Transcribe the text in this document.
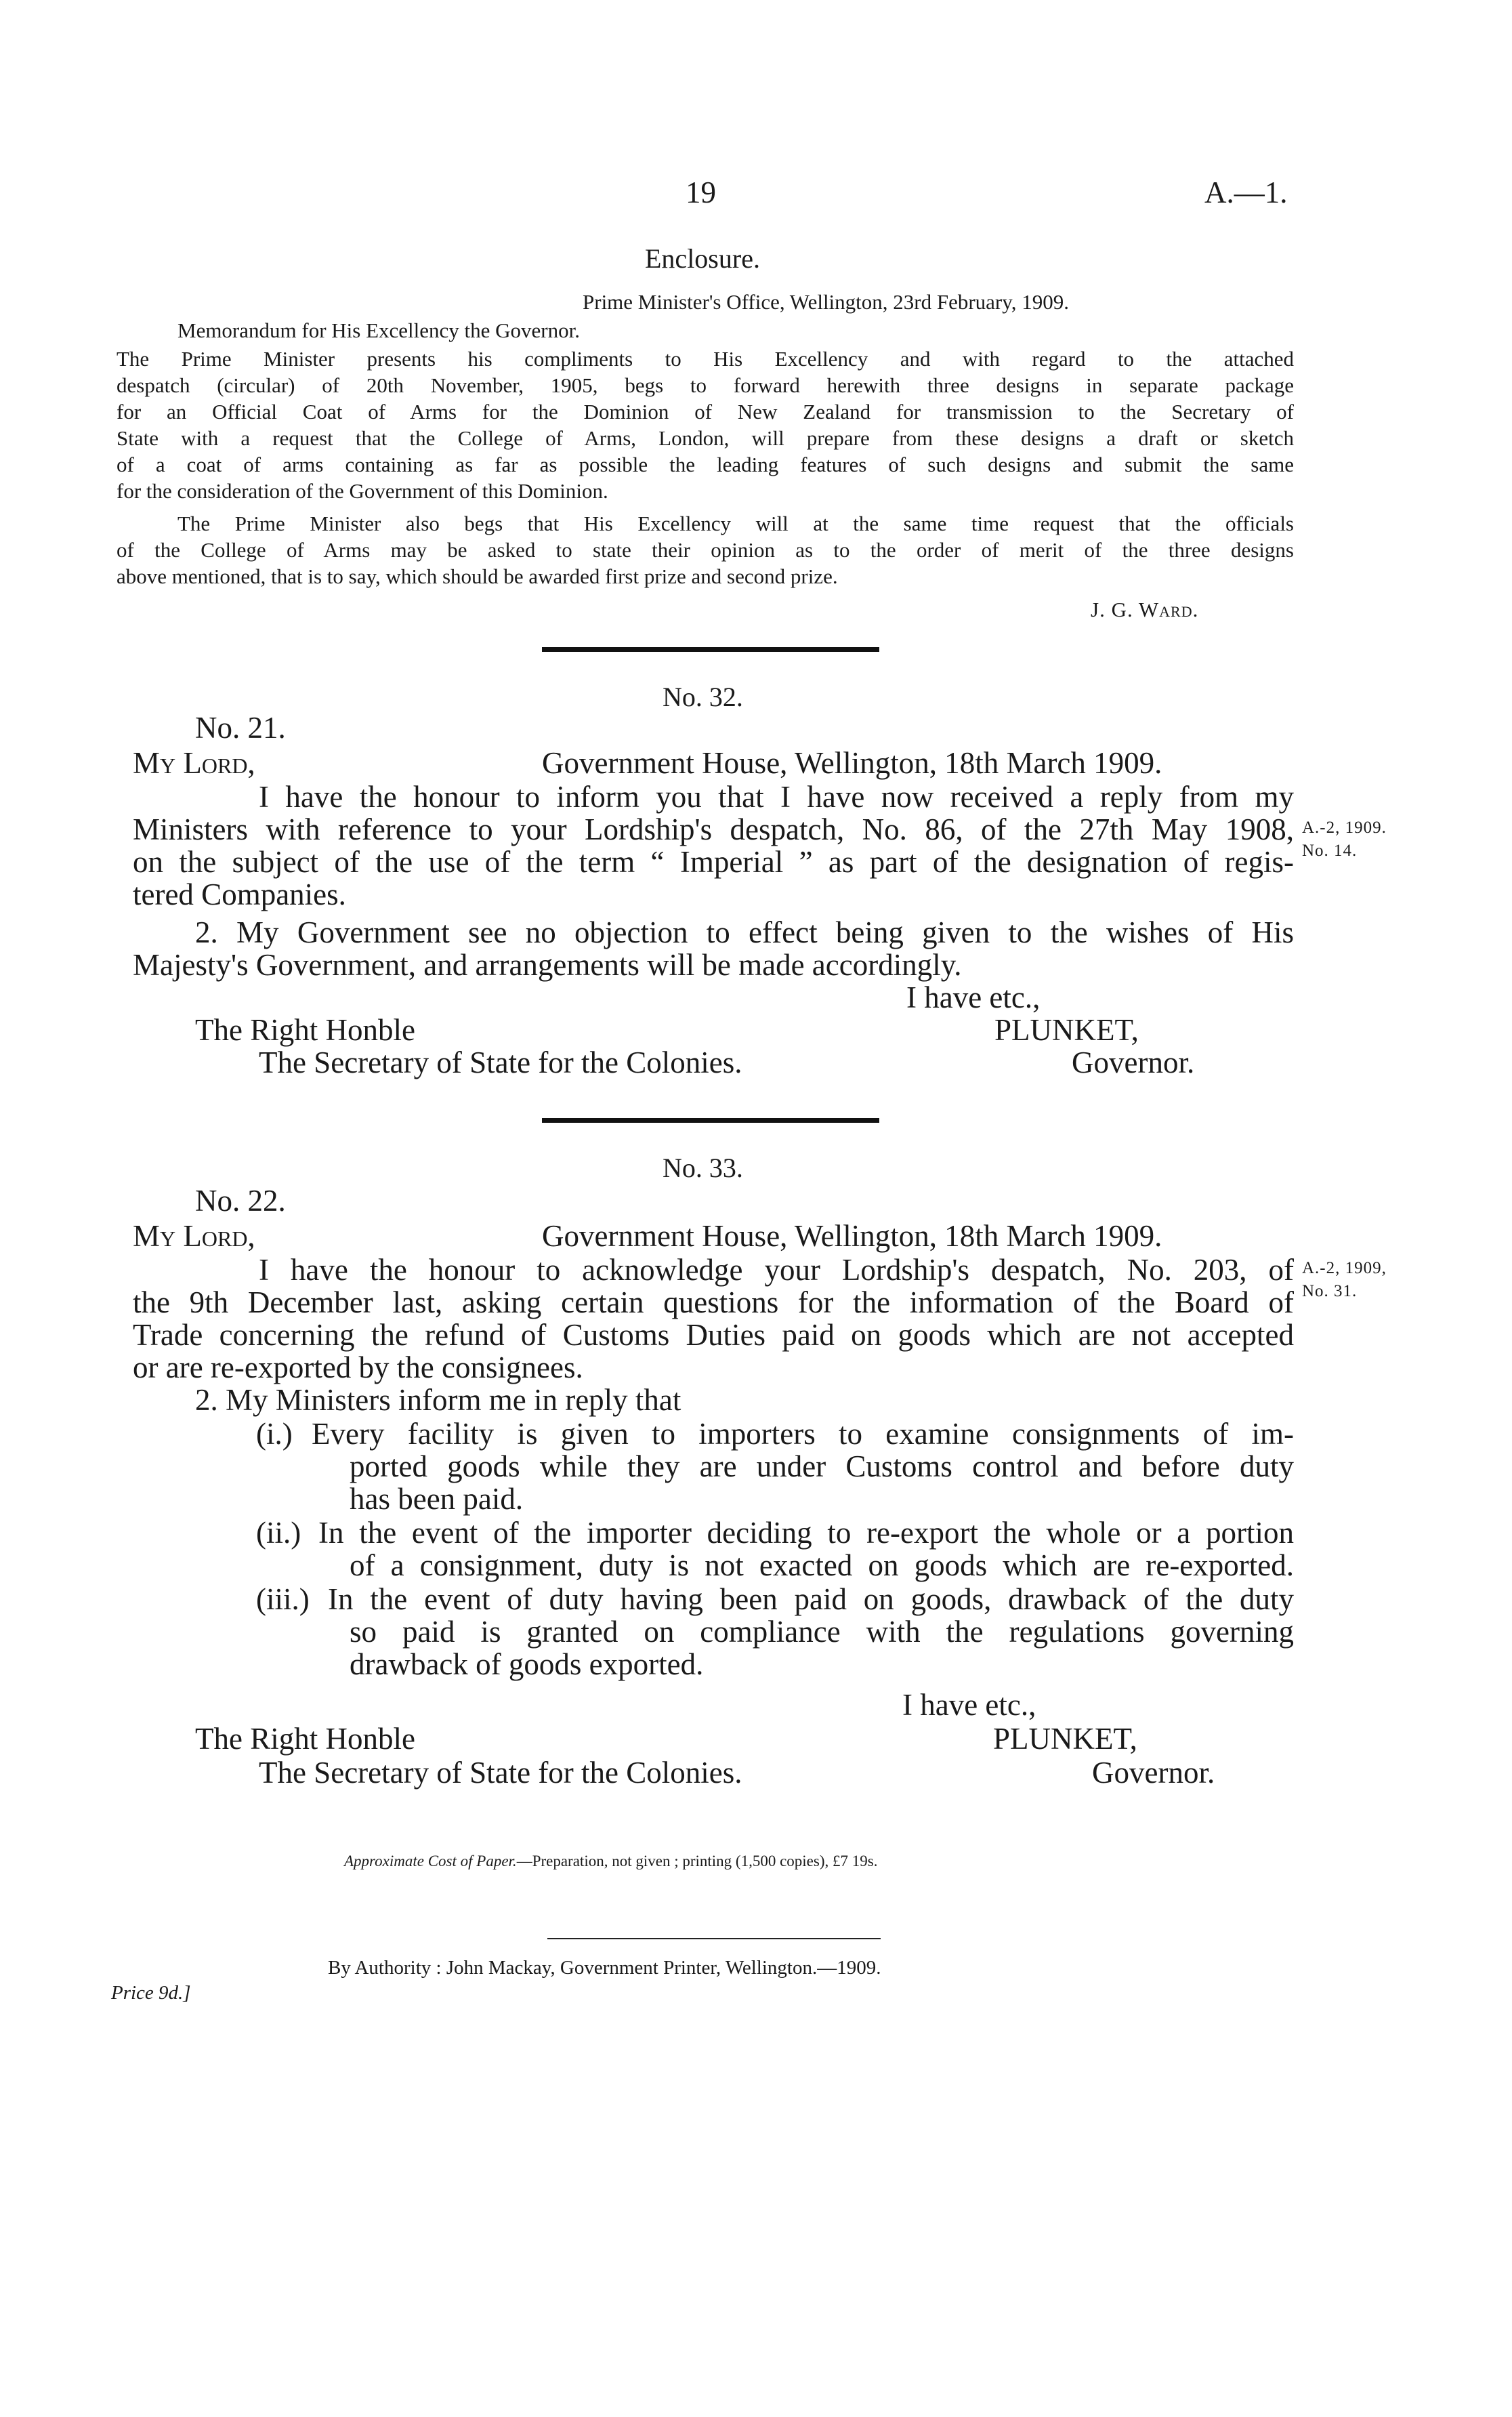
19	A.—1.
Enclosure.
Prime Minister's Office, Wellington, 23rd February, 1909.
Memorandum for His Excellency the Governor.
The Prime Minister presents his compliments to His Excellency and with regard to the attached
despatch (circular) of 20th November, 1905, begs to forward herewith three designs in separate package
for an Official Coat of Arms for the Dominion of New Zealand for transmission to the Secretary of
State with a request that the College of Arms, London, will prepare from these designs a draft or sketch
of a coat of arms containing as far as possible the leading features of such designs and submit the same
for the consideration of the Government of this Dominion.
The Prime Minister also begs that His Excellency will at the same time request that the officials
of the College of Arms may be asked to state their opinion as to the order of merit of the three designs
above mentioned, that is to say, which should be awarded first prize and second prize.
J. G. Ward.
No. 32.
No. 21.
My Lord,	Government House, Wellington, 18th March 1909.
I have the honour to inform you that I have now received a reply from my
Ministers with reference to your Lordship's despatch, No. 86, of the 27th May 1908,
on the subject of the use of the term “ Imperial ” as part of the designation of regis-
tered Companies.
A.-2, 1909.
No. 14.
2. My Government see no objection to effect being given to the wishes of His
Majesty's Government, and arrangements will be made accordingly.
I have etc.,
The Right Honble	PLUNKET,
The Secretary of State for the Colonies.	Governor.
No. 33.
No. 22.
My Lord,	Government House, Wellington, 18th March 1909.
I have the honour to acknowledge your Lordship's despatch, No. 203, of
the 9th December last, asking certain questions for the information of the Board of
Trade concerning the refund of Customs Duties paid on goods which are not accepted
or are re-exported by the consignees.
A.-2, 1909,
No. 31.
2. My Ministers inform me in reply that
(i.) Every facility is given to importers to examine consignments of im-
ported goods while they are under Customs control and before duty
has been paid.
(ii.) In the event of the importer deciding to re-export the whole or a portion
of a consignment, duty is not exacted on goods which are re-exported.
(iii.) In the event of duty having been paid on goods, drawback of the duty
so paid is granted on compliance with the regulations governing
drawback of goods exported.
I have etc.,
The Right Honble	PLUNKET,
The Secretary of State for the Colonies.	Governor.
Approximate Cost of Paper.—Preparation, not given ; printing (1,500 copies), £7 19s.
By Authority : John Mackay, Government Printer, Wellington.—1909.
Price 9d.]
